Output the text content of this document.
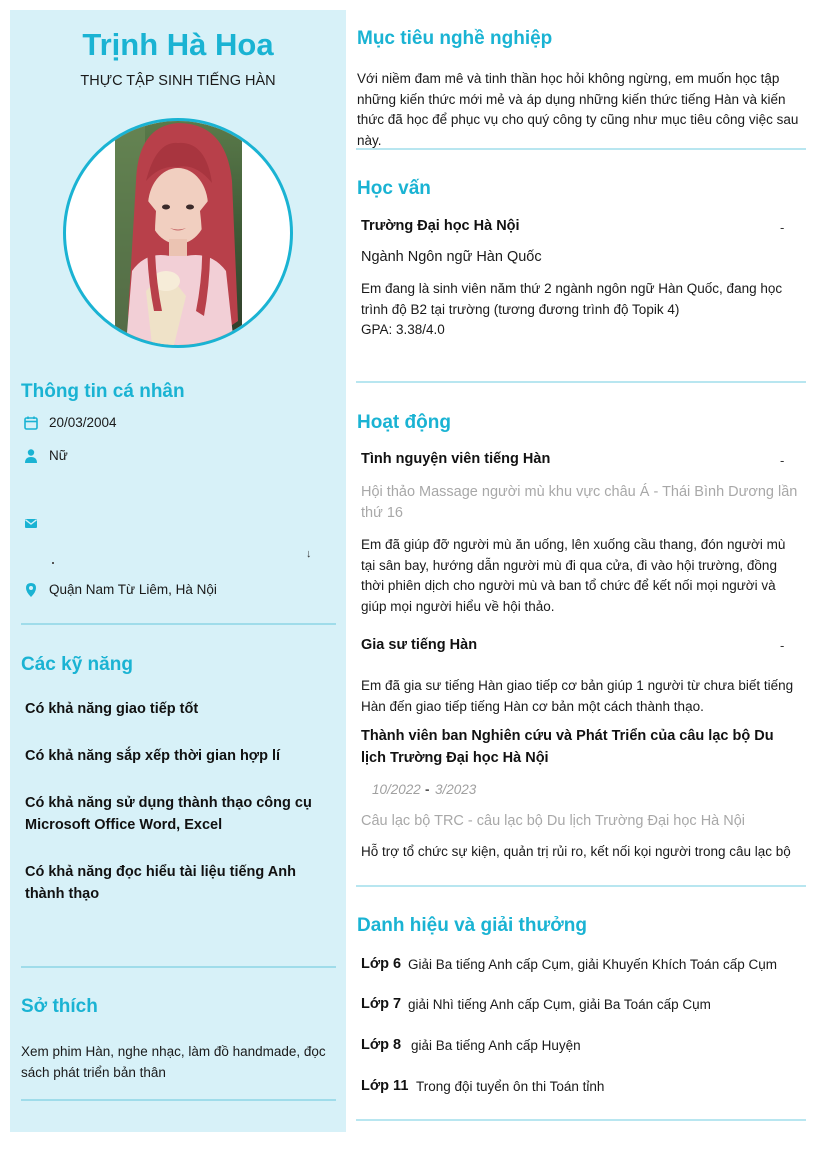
Trịnh Hà Hoa
THỰC TẬP SINH TIẾNG HÀN
Thông tin cá nhân
20/03/2004
Nữ
↓
Quận Nam Từ Liêm, Hà Nội
Các kỹ năng
Có khả năng giao tiếp tốt
Có khả năng sắp xếp thời gian hợp lí
Có khả năng sử dụng thành thạo công cụ Microsoft Office Word, Excel
Có khả năng đọc hiểu tài liệu tiếng Anh thành thạo
Sở thích
Xem phim Hàn, nghe nhạc, làm đồ handmade, đọc sách phát triển bản thân
Mục tiêu nghề nghiệp
Với niềm đam mê và tinh thần học hỏi không ngừng, em muốn học tập những kiến thức mới mẻ và áp dụng những kiến thức tiếng Hàn và kiến thức đã học để phục vụ cho quý công ty cũng như mục tiêu công việc sau này.
Học vấn
Trường Đại học Hà Nội	-
Ngành Ngôn ngữ Hàn Quốc
Em đang là sinh viên năm thứ 2 ngành ngôn ngữ Hàn Quốc, đang học trình độ B2 tại trường (tương đương trình độ Topik 4)
GPA: 3.38/4.0
Hoạt động
Tình nguyện viên tiếng Hàn	-
Hội thảo Massage người mù khu vực châu Á - Thái Bình Dương lần thứ 16
Em đã giúp đỡ người mù ăn uống, lên xuống cầu thang, đón người mù tại sân bay, hướng dẫn người mù đi qua cửa, đi vào hội trường, đồng thời phiên dịch cho người mù và ban tổ chức để kết nối mọi người và giúp mọi người hiểu về hội thảo.
Gia sư tiếng Hàn	-
Em đã gia sư tiếng Hàn giao tiếp cơ bản giúp 1 người từ chưa biết tiếng Hàn đến giao tiếp tiếng Hàn cơ bản một cách thành thạo.
Thành viên ban Nghiên cứu và Phát Triển của câu lạc bộ Du lịch Trường Đại học Hà Nội
10/2022 - 3/2023
Câu lạc bộ TRC - câu lạc bộ Du lịch Trường Đại học Hà Nội
Hỗ trợ tổ chức sự kiện, quản trị rủi ro, kết nối kọi người trong câu lạc bộ
Danh hiệu và giải thưởng
Lớp 6 Giải Ba tiếng Anh cấp Cụm, giải Khuyến Khích Toán cấp Cụm
Lớp 7 giải Nhì tiếng Anh cấp Cụm, giải Ba Toán cấp Cụm
Lớp 8 giải Ba tiếng Anh cấp Huyện
Lớp 11 Trong đội tuyển ôn thi Toán tỉnh
